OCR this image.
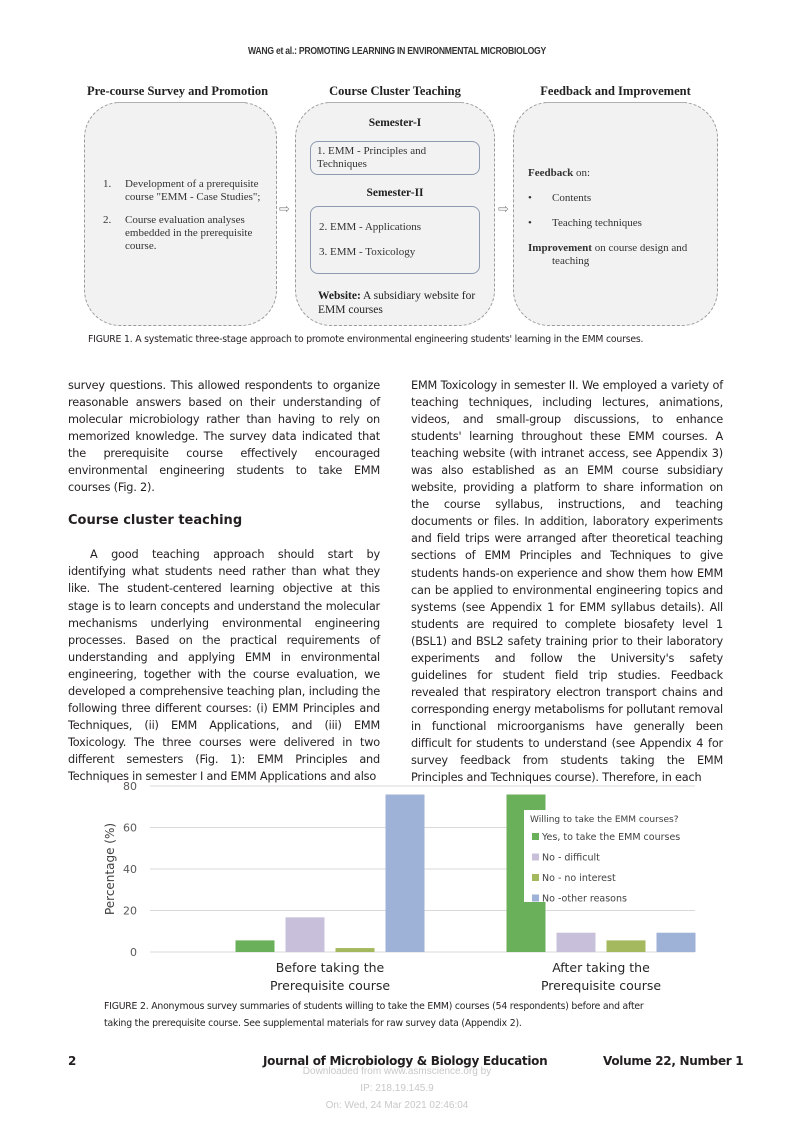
WANG et al.: PROMOTING LEARNING IN ENVIRONMENTAL MICROBIOLOGY
Pre-course Survey and Promotion	Course Cluster Teaching	Feedback and Improvement
1.	Development of a prerequisite course "EMM - Case Studies";
2.	Course evaluation analyses embedded in the prerequisite course.
⇨
Semester-I
1. EMM - Principles and Techniques
Semester-II
2. EMM - Applications
3. EMM - Toxicology
Website: A subsidiary website for EMM courses
⇨
Feedback on:
• Contents
• Teaching techniques
Improvement on course design and teaching
FIGURE 1. A systematic three-stage approach to promote environmental engineering students' learning in the EMM courses.

survey questions. This allowed respondents to organize reasonable answers based on their understanding of molecular microbiology rather than having to rely on memorized knowledge. The survey data indicated that the prerequisite course effectively encouraged environmental engineering students to take EMM courses (Fig. 2).

Course cluster teaching

A good teaching approach should start by identifying what students need rather than what they like. The student-centered learning objective at this stage is to learn concepts and understand the molecular mechanisms underlying environmental engineering processes. Based on the practical requirements of understanding and applying EMM in environmental engineering, together with the course evaluation, we developed a comprehensive teaching plan, including the following three different courses: (i) EMM Principles and Techniques, (ii) EMM Applications, and (iii) EMM Toxicology. The three courses were delivered in two different semesters (Fig. 1): EMM Principles and Techniques in semester I and EMM Applications and also

EMM Toxicology in semester II. We employed a variety of teaching techniques, including lectures, animations, videos, and small-group discussions, to enhance students' learning throughout these EMM courses. A teaching website (with intranet access, see Appendix 3) was also established as an EMM course subsidiary website, providing a platform to share information on the course syllabus, instructions, and teaching documents or files. In addition, laboratory experiments and field trips were arranged after theoretical teaching sections of EMM Principles and Techniques to give students hands-on experience and show them how EMM can be applied to environmental engineering topics and systems (see Appendix 1 for EMM syllabus details). All students are required to complete biosafety level 1 (BSL1) and BSL2 safety training prior to their laboratory experiments and follow the University's safety guidelines for student field trip studies. Feedback revealed that respiratory electron transport chains and corresponding energy metabolisms for pollutant removal in functional microorganisms have generally been difficult for students to understand (see Appendix 4 for survey feedback from students taking the EMM Principles and Techniques course). Therefore, in each

0
20
40
60
80
Percentage (%)
Before taking the
Prerequisite course
After taking the
Prerequisite course
Willing to take the EMM courses?
Yes, to take the EMM courses
No - difficult
No - no interest
No -other reasons
FIGURE 2. Anonymous survey summaries of students willing to take the EMM) courses (54 respondents) before and after
taking the prerequisite course. See supplemental materials for raw survey data (Appendix 2).
2	Journal of Microbiology & Biology Education	Volume 22, Number 1
Downloaded from www.asmscience.org by
IP: 218.19.145.9
On: Wed, 24 Mar 2021 02:46:04
